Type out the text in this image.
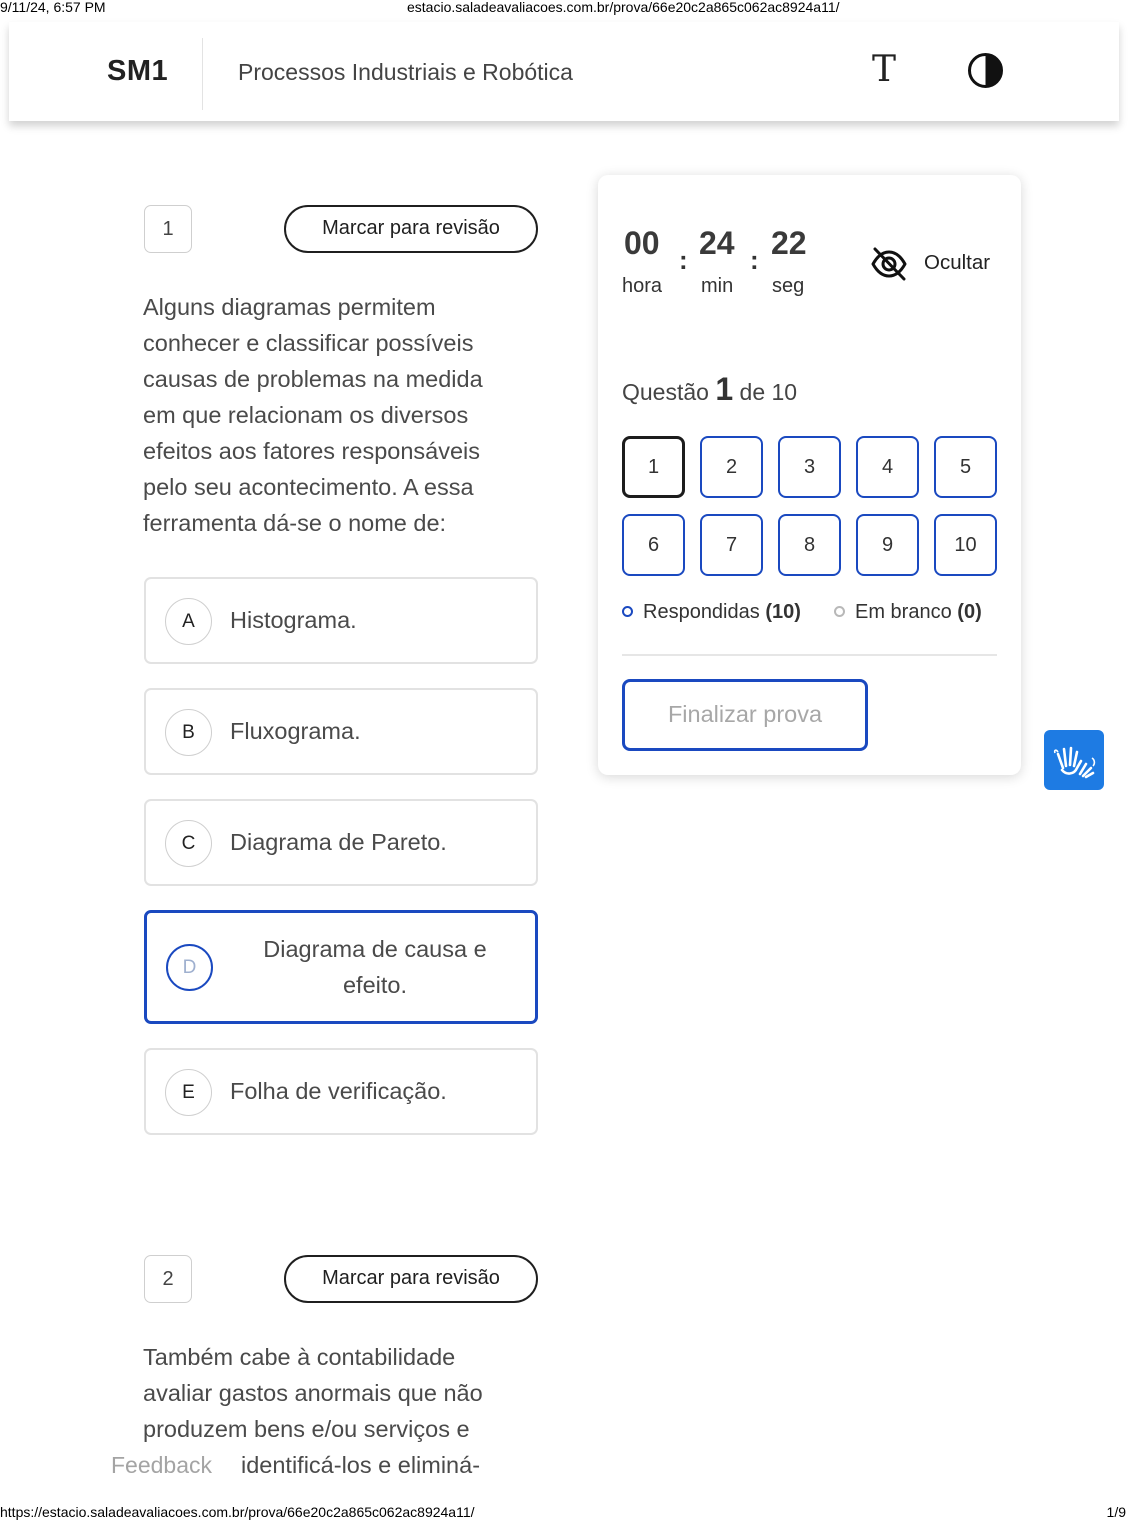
9/11/24, 6:57 PM	estacio.saladeavaliacoes.com.br/prova/66e20c2a865c062ac8924a11/
SM1	Processos Industriais e Robótica	T
1	Marcar para revisão
Alguns diagramas permitem
conhecer e classificar possíveis
causas de problemas na medida
em que relacionam os diversos
efeitos aos fatores responsáveis
pelo seu acontecimento. A essa
ferramenta dá-se o nome de:
A	Histograma.
B	Fluxograma.
C	Diagrama de Pareto.
D
Diagrama de causa e
efeito.
E	Folha de verificação.
2	Marcar para revisão
Também cabe à contabilidade
avaliar gastos anormais que não
produzem bens e/ou serviços e
identificá-los e eliminá-
00
hora
: 24
min
: 22
seg
Ocultar
Questão 1 de 10
1	2	3	4	5
6	7	8	9	10
Respondidas (10)	Em branco (0)
Finalizar prova
Feedback
https://estacio.saladeavaliacoes.com.br/prova/66e20c2a865c062ac8924a11/	1/9
